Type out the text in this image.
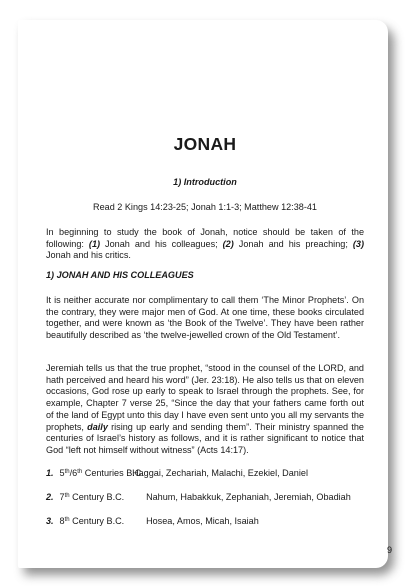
JONAH
1) Introduction
Read 2 Kings 14:23-25; Jonah 1:1-3; Matthew 12:38-41
In beginning to study the book of Jonah, notice should be taken of the following: (1) Jonah and his colleagues; (2) Jonah and his preaching; (3) Jonah and his critics.
1) JONAH AND HIS COLLEAGUES
It is neither accurate nor complimentary to call them ‘The Minor Prophets’. On the contrary, they were major men of God. At one time, these books circulated together, and were known as ‘the Book of the Twelve’. They have been rather beautifully described as ‘the twelve-jewelled crown of the Old Testament’.
Jeremiah tells us that the true prophet, “stood in the counsel of the LORD, and hath perceived and heard his word” (Jer. 23:18). He also tells us that on eleven occasions, God rose up early to speak to Israel through the prophets. See, for example, Chapter 7 verse 25, “Since the day that your fathers came forth out of the land of Egypt unto this day I have even sent unto you all my servants the prophets, daily rising up early and sending them”. Their ministry spanned the centuries of Israel’s history as follows, and it is rather significant to notice that God “left not himself without witness” (Acts 14:17).
1. 5th/6th Centuries B.C. Haggai, Zechariah, Malachi, Ezekiel, Daniel
2. 7th Century B.C. Nahum, Habakkuk, Zephaniah, Jeremiah, Obadiah
3. 8th Century B.C. Hosea, Amos, Micah, Isaiah
9
